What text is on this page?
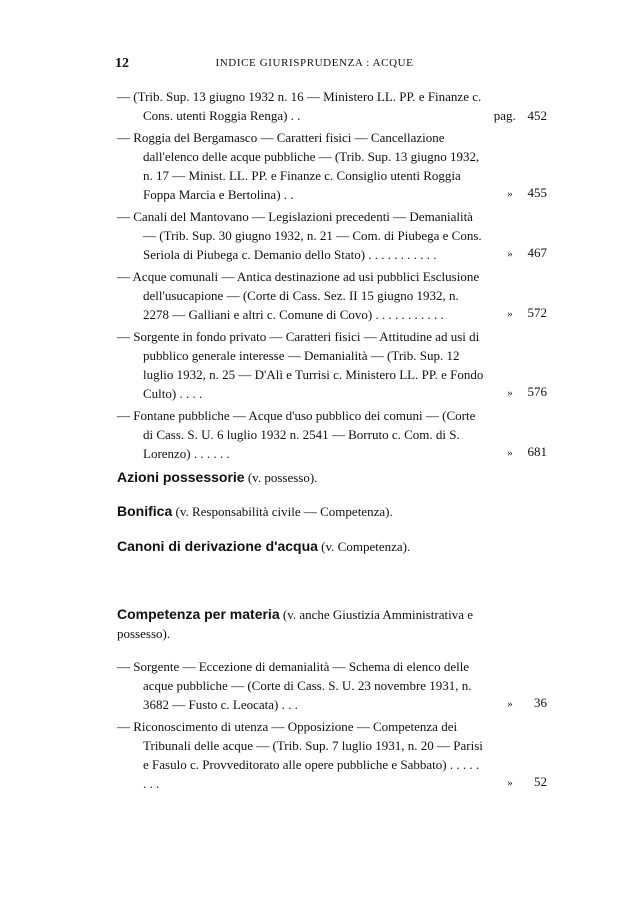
12	INDICE GIURISPRUDENZA : ACQUE
— (Trib. Sup. 13 giugno 1932 n. 16 — Ministero LL. PP. e Finanze c. Cons. utenti Roggia Renga) . .	pag. 452
— Roggia del Bergamasco — Caratteri fisici — Cancellazione dall'elenco delle acque pubbliche — (Trib. Sup. 13 giugno 1932, n. 17 — Minist. LL. PP. e Finanze c. Consiglio utenti Roggia Foppa Marcia e Bertolina) . .	» 455
— Canali del Mantovano — Legislazioni precedenti — Demanialità — (Trib. Sup. 30 giugno 1932, n. 21 — Com. di Piubega e Cons. Seriola di Piubega c. Demanio dello Stato) . . . . . . . . . . .	» 467
— Acque comunali — Antica destinazione ad usi pubblici Esclusione dell'usucapione — (Corte di Cass. Sez. II 15 giugno 1932, n. 2278 — Galliani e altri c. Comune di Covo) . . . . . . . . . . .	» 572
— Sorgente in fondo privato — Caratteri fisici — Attitudine ad usi di pubblico generale interesse — Demanialità — (Trib. Sup. 12 luglio 1932, n. 25 — D'Alì e Turrisi c. Ministero LL. PP. e Fondo Culto) . . . .	» 576
— Fontane pubbliche — Acque d'uso pubblico dei comuni — (Corte di Cass. S. U. 6 luglio 1932 n. 2541 — Borruto c. Com. di S. Lorenzo) . . . . . .	» 681
Azioni possessorie (v. possesso).
Bonifica (v. Responsabilità civile — Competenza).
Canoni di derivazione d'acqua (v. Competenza).
Competenza per materia (v. anche Giustizia Amministrativa e possesso).
— Sorgente — Eccezione di demanialità — Schema di elenco delle acque pubbliche — (Corte di Cass. S. U. 23 novembre 1931, n. 3682 — Fusto c. Leocata) . . .	» 36
— Riconoscimento di utenza — Opposizione — Competenza dei Tribunali delle acque — (Trib. Sup. 7 luglio 1931, n. 20 — Parisi e Fasulo c. Provveditorato alle opere pubbliche e Sabbato) . . . . . . . .	» 52
